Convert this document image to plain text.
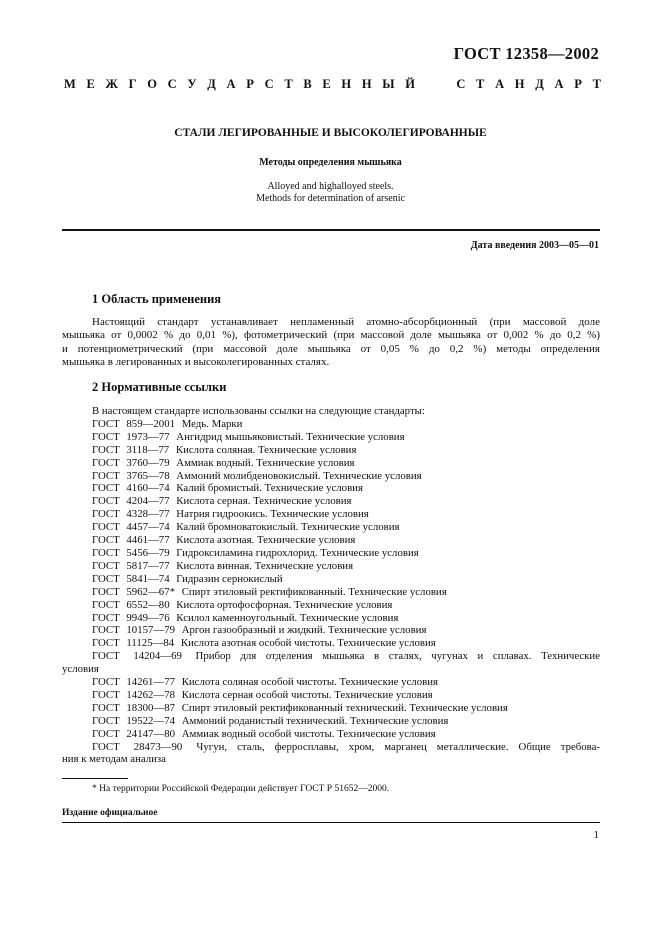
ГОСТ 12358—2002
М Е Ж Г О С У Д А Р С Т В Е Н Н Ы Й	С Т А Н Д А Р Т
СТАЛИ ЛЕГИРОВАННЫЕ И ВЫСОКОЛЕГИРОВАННЫЕ
Методы определения мышьяка
Alloyed and highalloyed steels.
Methods for determination of arsenic
Дата введения 2003—05—01
1 Область применения
Настоящий стандарт устанавливает непламенный атомно-абсорбционный (при массовой доле
мышьяка от 0,0002 % до 0,01 %), фотометрический (при массовой доле мышьяка от 0,002 % до 0,2 %)
и потенциометрический (при массовой доле мышьяка от 0,05 % до 0,2 %) методы определения
мышьяка в легированных и высоколегированных сталях.
2 Нормативные ссылки
В настоящем стандарте использованы ссылки на следующие стандарты:
ГОСТ 859—2001 Медь. Марки
ГОСТ 1973—77 Ангидрид мышьяковистый. Технические условия
ГОСТ 3118—77 Кислота соляная. Технические условия
ГОСТ 3760—79 Аммиак водный. Технические условия
ГОСТ 3765—78 Аммоний молибденовокислый. Технические условия
ГОСТ 4160—74 Калий бромистый. Технические условия
ГОСТ 4204—77 Кислота серная. Технические условия
ГОСТ 4328—77 Натрия гидроокись. Технические условия
ГОСТ 4457—74 Калий бромноватокислый. Технические условия
ГОСТ 4461—77 Кислота азотная. Технические условия
ГОСТ 5456—79 Гидроксиламина гидрохлорид. Технические условия
ГОСТ 5817—77 Кислота винная. Технические условия
ГОСТ 5841—74 Гидразин сернокислый
ГОСТ 5962—67* Спирт этиловый ректификованный. Технические условия
ГОСТ 6552—80 Кислота ортофосфорная. Технические условия
ГОСТ 9949—76 Ксилол каменноугольный. Технические условия
ГОСТ 10157—79 Аргон газообразный и жидкий. Технические условия
ГОСТ 11125—84 Кислота азотная особой чистоты. Технические условия
ГОСТ 14204—69 Прибор для отделения мышьяка в сталях, чугунах и сплавах. Технические
условия
ГОСТ 14261—77 Кислота соляная особой чистоты. Технические условия
ГОСТ 14262—78 Кислота серная особой чистоты. Технические условия
ГОСТ 18300—87 Спирт этиловый ректификованный технический. Технические условия
ГОСТ 19522—74 Аммоний роданистый технический. Технические условия
ГОСТ 24147—80 Аммиак водный особой чистоты. Технические условия
ГОСТ 28473—90 Чугун, сталь, ферросплавы, хром, марганец металлические. Общие требова-
ния к методам анализа
* На территории Российской Федерации действует ГОСТ Р 51652—2000.
Издание официальное
1
